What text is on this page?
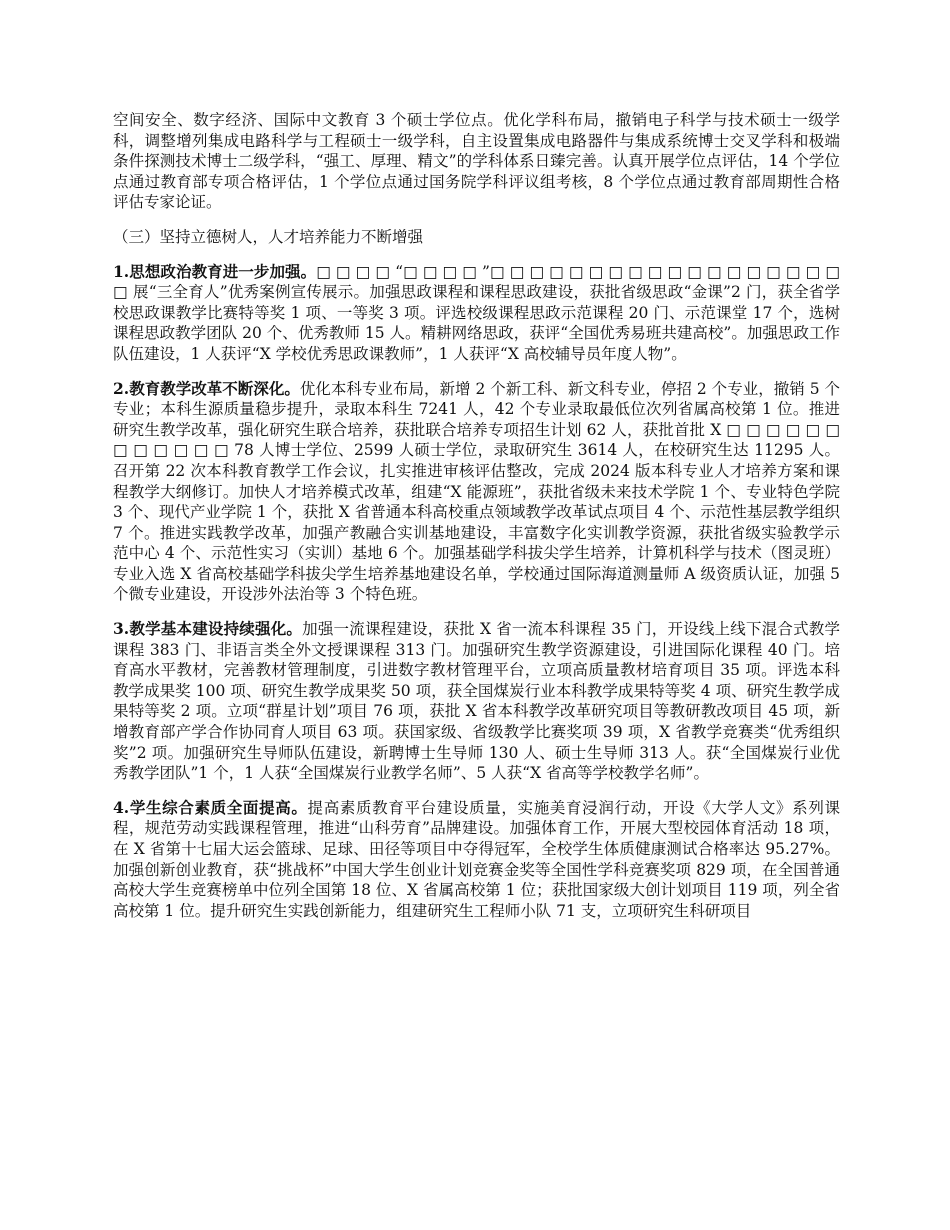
空间安全、数字经济、国际中文教育 3 个硕士学位点。优化学科布局，撤销电子科学与技术硕士一级学科，调整增列集成电路科学与工程硕士一级学科，自主设置集成电路器件与集成系统博士交叉学科和极端条件探测技术博士二级学科，“强工、厚理、精文”的学科体系日臻完善。认真开展学位点评估，14 个学位点通过教育部专项合格评估，1 个学位点通过国务院学科评议组考核，8 个学位点通过教育部周期性合格评估专家论证。

（三）坚持立德树人，人才培养能力不断增强

1.思想政治教育进一步加强。□ □ □ □ “□ □ □ □ ”□ □ □ □ □ □ □ □ □ □ □ □ □ □ □ □ □ □ □ 展“三全育人”优秀案例宣传展示。加强思政课程和课程思政建设，获批省级思政“金课”2 门，获全省学校思政课教学比赛特等奖 1 项、一等奖 3 项。评选校级课程思政示范课程 20 门、示范课堂 17 个，选树课程思政教学团队 20 个、优秀教师 15 人。精耕网络思政，获评“全国优秀易班共建高校”。加强思政工作队伍建设，1 人获评“X 学校优秀思政课教师”，1 人获评“X 高校辅导员年度人物”。

2.教育教学改革不断深化。优化本科专业布局，新增 2 个新工科、新文科专业，停招 2 个专业，撤销 5 个专业；本科生源质量稳步提升，录取本科生 7241 人，42 个专业录取最低位次列省属高校第 1 位。推进研究生教学改革，强化研究生联合培养，获批联合培养专项招生计划 62 人，获批首批 X □ □ □ □ □ □ □ □ □ □ □ □ 78 人博士学位、2599 人硕士学位，录取研究生 3614 人，在校研究生达 11295 人。召开第 22 次本科教育教学工作会议，扎实推进审核评估整改，完成 2024 版本科专业人才培养方案和课程教学大纲修订。加快人才培养模式改革，组建“X 能源班”，获批省级未来技术学院 1 个、专业特色学院 3 个、现代产业学院 1 个，获批 X 省普通本科高校重点领域教学改革试点项目 4 个、示范性基层教学组织 7 个。推进实践教学改革，加强产教融合实训基地建设，丰富数字化实训教学资源，获批省级实验教学示范中心 4 个、示范性实习（实训）基地 6 个。加强基础学科拔尖学生培养，计算机科学与技术（图灵班）专业入选 X 省高校基础学科拔尖学生培养基地建设名单，学校通过国际海道测量师 A 级资质认证，加强 5 个微专业建设，开设涉外法治等 3 个特色班。

3.教学基本建设持续强化。加强一流课程建设，获批 X 省一流本科课程 35 门，开设线上线下混合式教学课程 383 门、非语言类全外文授课课程 313 门。加强研究生教学资源建设，引进国际化课程 40 门。培育高水平教材，完善教材管理制度，引进数字教材管理平台，立项高质量教材培育项目 35 项。评选本科教学成果奖 100 项、研究生教学成果奖 50 项，获全国煤炭行业本科教学成果特等奖 4 项、研究生教学成果特等奖 2 项。立项“群星计划”项目 76 项，获批 X 省本科教学改革研究项目等教研教改项目 45 项，新增教育部产学合作协同育人项目 63 项。获国家级、省级教学比赛奖项 39 项，X 省教学竞赛类“优秀组织奖”2 项。加强研究生导师队伍建设，新聘博士生导师 130 人、硕士生导师 313 人。获“全国煤炭行业优秀教学团队”1 个，1 人获“全国煤炭行业教学名师”、5 人获“X 省高等学校教学名师”。

4.学生综合素质全面提高。提高素质教育平台建设质量，实施美育浸润行动，开设《大学人文》系列课程，规范劳动实践课程管理，推进“山科劳育”品牌建设。加强体育工作，开展大型校园体育活动 18 项，在 X 省第十七届大运会篮球、足球、田径等项目中夺得冠军，全校学生体质健康测试合格率达 95.27%。加强创新创业教育，获“挑战杯”中国大学生创业计划竞赛金奖等全国性学科竞赛奖项 829 项，在全国普通高校大学生竞赛榜单中位列全国第 18 位、X 省属高校第 1 位；获批国家级大创计划项目 119 项，列全省高校第 1 位。提升研究生实践创新能力，组建研究生工程师小队 71 支，立项研究生科研项目
